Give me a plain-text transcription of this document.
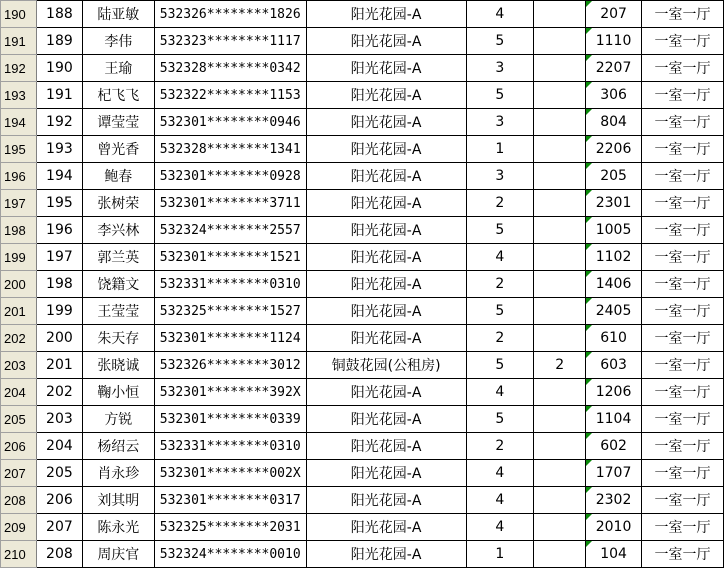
190	188	陆亚敏	532326********1826	阳光花园-A	4		207	一室一厅
191	189	李伟	532323********1117	阳光花园-A	5		1110	一室一厅
192	190	王瑜	532328********0342	阳光花园-A	3		2207	一室一厅
193	191	杞飞飞	532322********1153	阳光花园-A	5		306	一室一厅
194	192	谭莹莹	532301********0946	阳光花园-A	3		804	一室一厅
195	193	曾光香	532328********1341	阳光花园-A	1		2206	一室一厅
196	194	鲍春	532301********0928	阳光花园-A	3		205	一室一厅
197	195	张树荣	532301********3711	阳光花园-A	2		2301	一室一厅
198	196	李兴林	532324********2557	阳光花园-A	5		1005	一室一厅
199	197	郭兰英	532301********1521	阳光花园-A	4		1102	一室一厅
200	198	饶籍文	532331********0310	阳光花园-A	2		1406	一室一厅
201	199	王莹莹	532325********1527	阳光花园-A	5		2405	一室一厅
202	200	朱天存	532301********1124	阳光花园-A	2		610	一室一厅
203	201	张晓诚	532326********3012	铜鼓花园(公租房)	5	2	603	一室一厅
204	202	鞠小恒	532301********392X	阳光花园-A	4		1206	一室一厅
205	203	方锐	532301********0339	阳光花园-A	5		1104	一室一厅
206	204	杨绍云	532331********0310	阳光花园-A	2		602	一室一厅
207	205	肖永珍	532301********002X	阳光花园-A	4		1707	一室一厅
208	206	刘其明	532301********0317	阳光花园-A	4		2302	一室一厅
209	207	陈永光	532325********2031	阳光花园-A	4		2010	一室一厅
210	208	周庆官	532324********0010	阳光花园-A	1		104	一室一厅
